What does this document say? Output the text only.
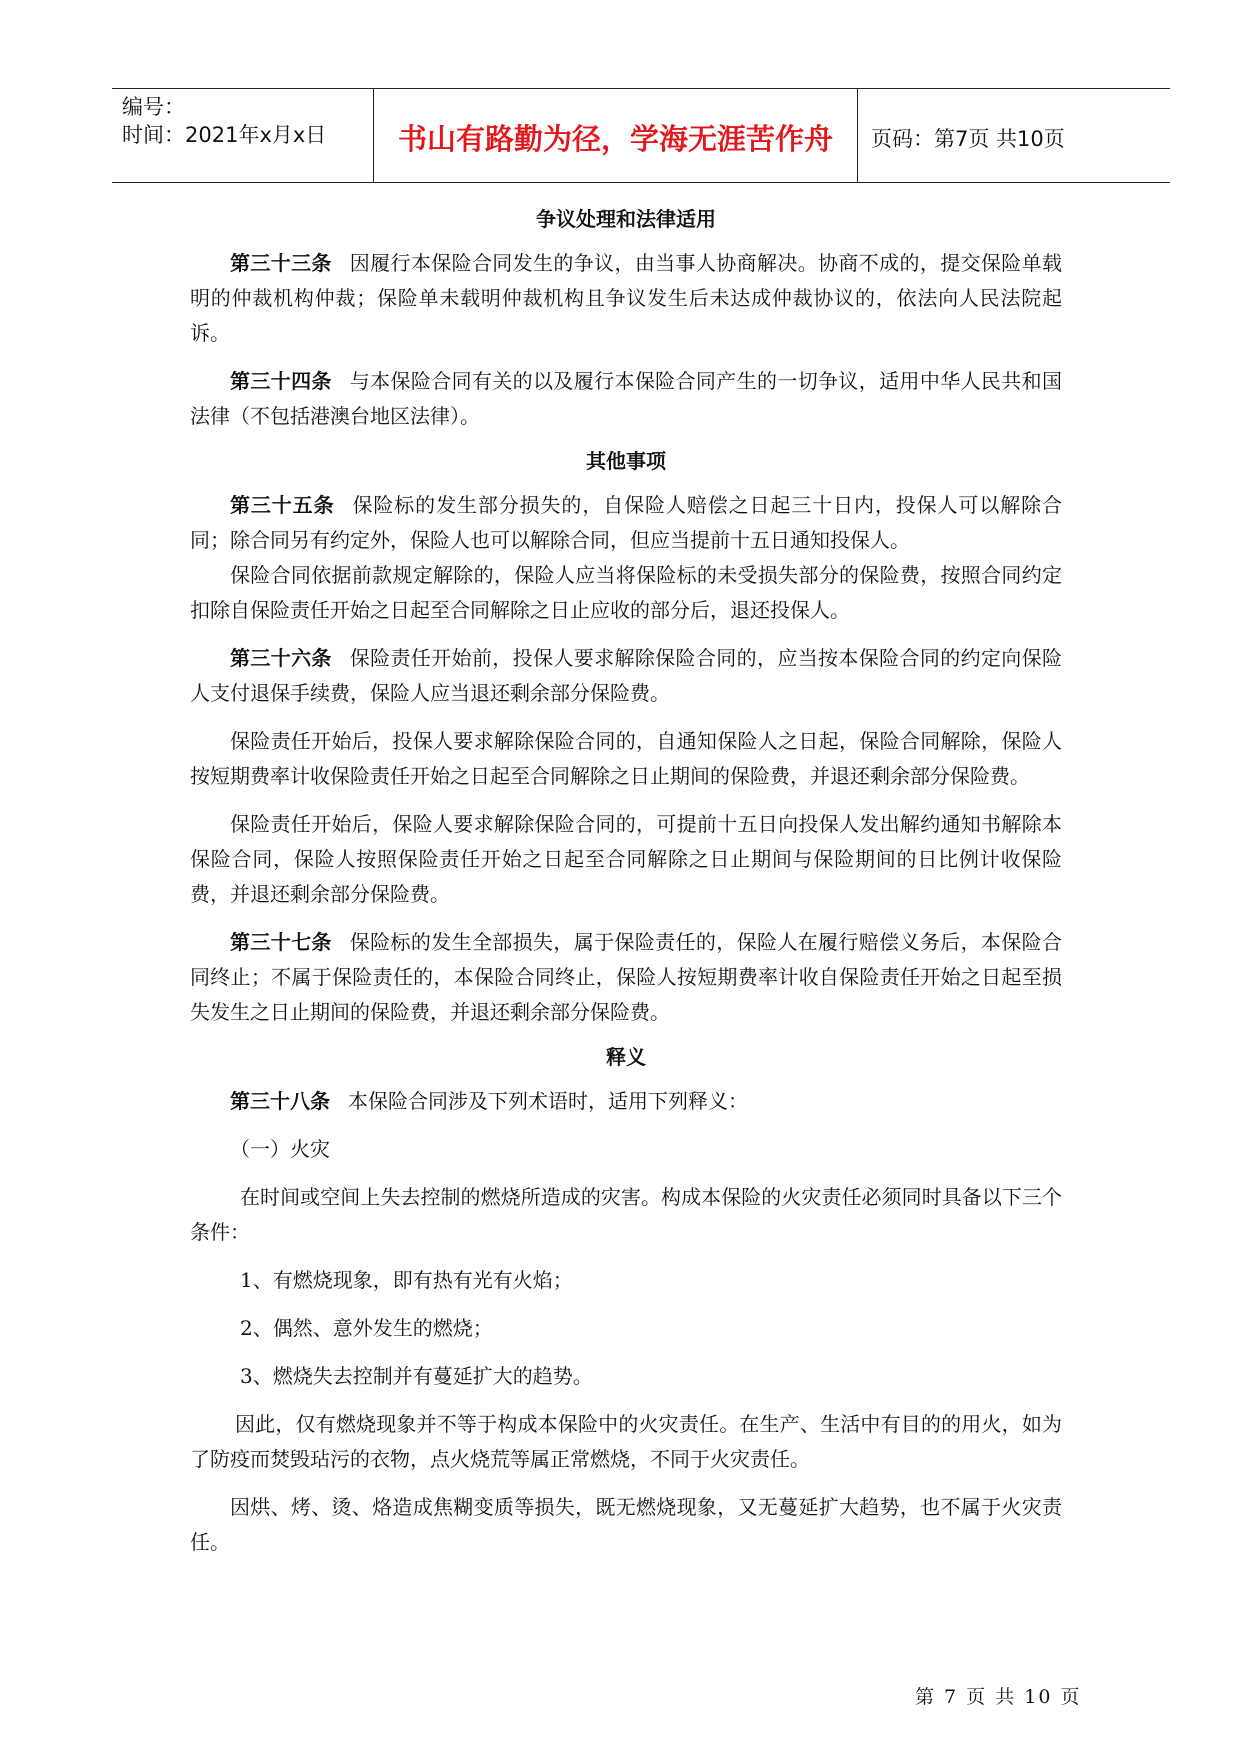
编号：
时间：2021年x月x日	书山有路勤为径，学海无涯苦作舟	页码：第7页 共10页
争议处理和法律适用

第三十三条 因履行本保险合同发生的争议，由当事人协商解决。协商不成的，提交保险单载明的仲裁机构仲裁；保险单未载明仲裁机构且争议发生后未达成仲裁协议的，依法向人民法院起诉。

第三十四条 与本保险合同有关的以及履行本保险合同产生的一切争议，适用中华人民共和国法律（不包括港澳台地区法律）。

其他事项

第三十五条 保险标的发生部分损失的，自保险人赔偿之日起三十日内，投保人可以解除合同；除合同另有约定外，保险人也可以解除合同，但应当提前十五日通知投保人。

保险合同依据前款规定解除的，保险人应当将保险标的未受损失部分的保险费，按照合同约定扣除自保险责任开始之日起至合同解除之日止应收的部分后，退还投保人。

第三十六条 保险责任开始前，投保人要求解除保险合同的，应当按本保险合同的约定向保险人支付退保手续费，保险人应当退还剩余部分保险费。

保险责任开始后，投保人要求解除保险合同的，自通知保险人之日起，保险合同解除，保险人按短期费率计收保险责任开始之日起至合同解除之日止期间的保险费，并退还剩余部分保险费。

保险责任开始后，保险人要求解除保险合同的，可提前十五日向投保人发出解约通知书解除本保险合同，保险人按照保险责任开始之日起至合同解除之日止期间与保险期间的日比例计收保险费，并退还剩余部分保险费。

第三十七条 保险标的发生全部损失，属于保险责任的，保险人在履行赔偿义务后，本保险合同终止；不属于保险责任的，本保险合同终止，保险人按短期费率计收自保险责任开始之日起至损失发生之日止期间的保险费，并退还剩余部分保险费。

释义

第三十八条 本保险合同涉及下列术语时，适用下列释义：

（一）火灾

在时间或空间上失去控制的燃烧所造成的灾害。构成本保险的火灾责任必须同时具备以下三个条件：

1、有燃烧现象，即有热有光有火焰；

2、偶然、意外发生的燃烧；

3、燃烧失去控制并有蔓延扩大的趋势。

因此，仅有燃烧现象并不等于构成本保险中的火灾责任。在生产、生活中有目的的用火，如为了防疫而焚毁玷污的衣物，点火烧荒等属正常燃烧，不同于火灾责任。

因烘、烤、烫、烙造成焦糊变质等损失，既无燃烧现象，又无蔓延扩大趋势，也不属于火灾责任。

第 7 页 共 10 页
